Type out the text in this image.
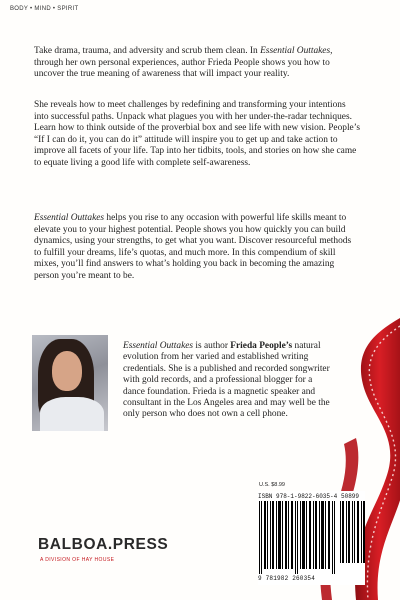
BODY • MIND • SPIRIT

Take drama, trauma, and adversity and scrub them clean. In Essential Outtakes, through her own personal experiences, author Frieda People shows you how to uncover the true meaning of awareness that will impact your reality.

She reveals how to meet challenges by redefining and transforming your intentions into successful paths. Unpack what plagues you with her under-the-radar techniques. Learn how to think outside of the proverbial box and see life with new vision. People’s “If I can do it, you can do it” attitude will inspire you to get up and take action to improve all facets of your life. Tap into her tidbits, tools, and stories on how she came to equate living a good life with complete self-awareness.

Essential Outtakes helps you rise to any occasion with powerful life skills meant to elevate you to your highest potential. People shows you how quickly you can build dynamics, using your strengths, to get what you want. Discover resourceful methods to fulfill your dreams, life’s quotas, and much more. In this compendium of skill mixes, you’ll find answers to what’s holding you back in becoming the amazing person you’re meant to be.

Essential Outtakes is author Frieda People’s natural evolution from her varied and established writing credentials. She is a published and recorded songwriter with gold records, and a professional blogger for a dance foundation. Frieda is a magnetic speaker and consultant in the Los Angeles area and may well be the only person who does not own a cell phone.

U.S. $8.99
ISBN 978-1-9822-6035-4 50899
9 781982 260354
BALBOA.PRESS
A DIVISION OF HAY HOUSE
